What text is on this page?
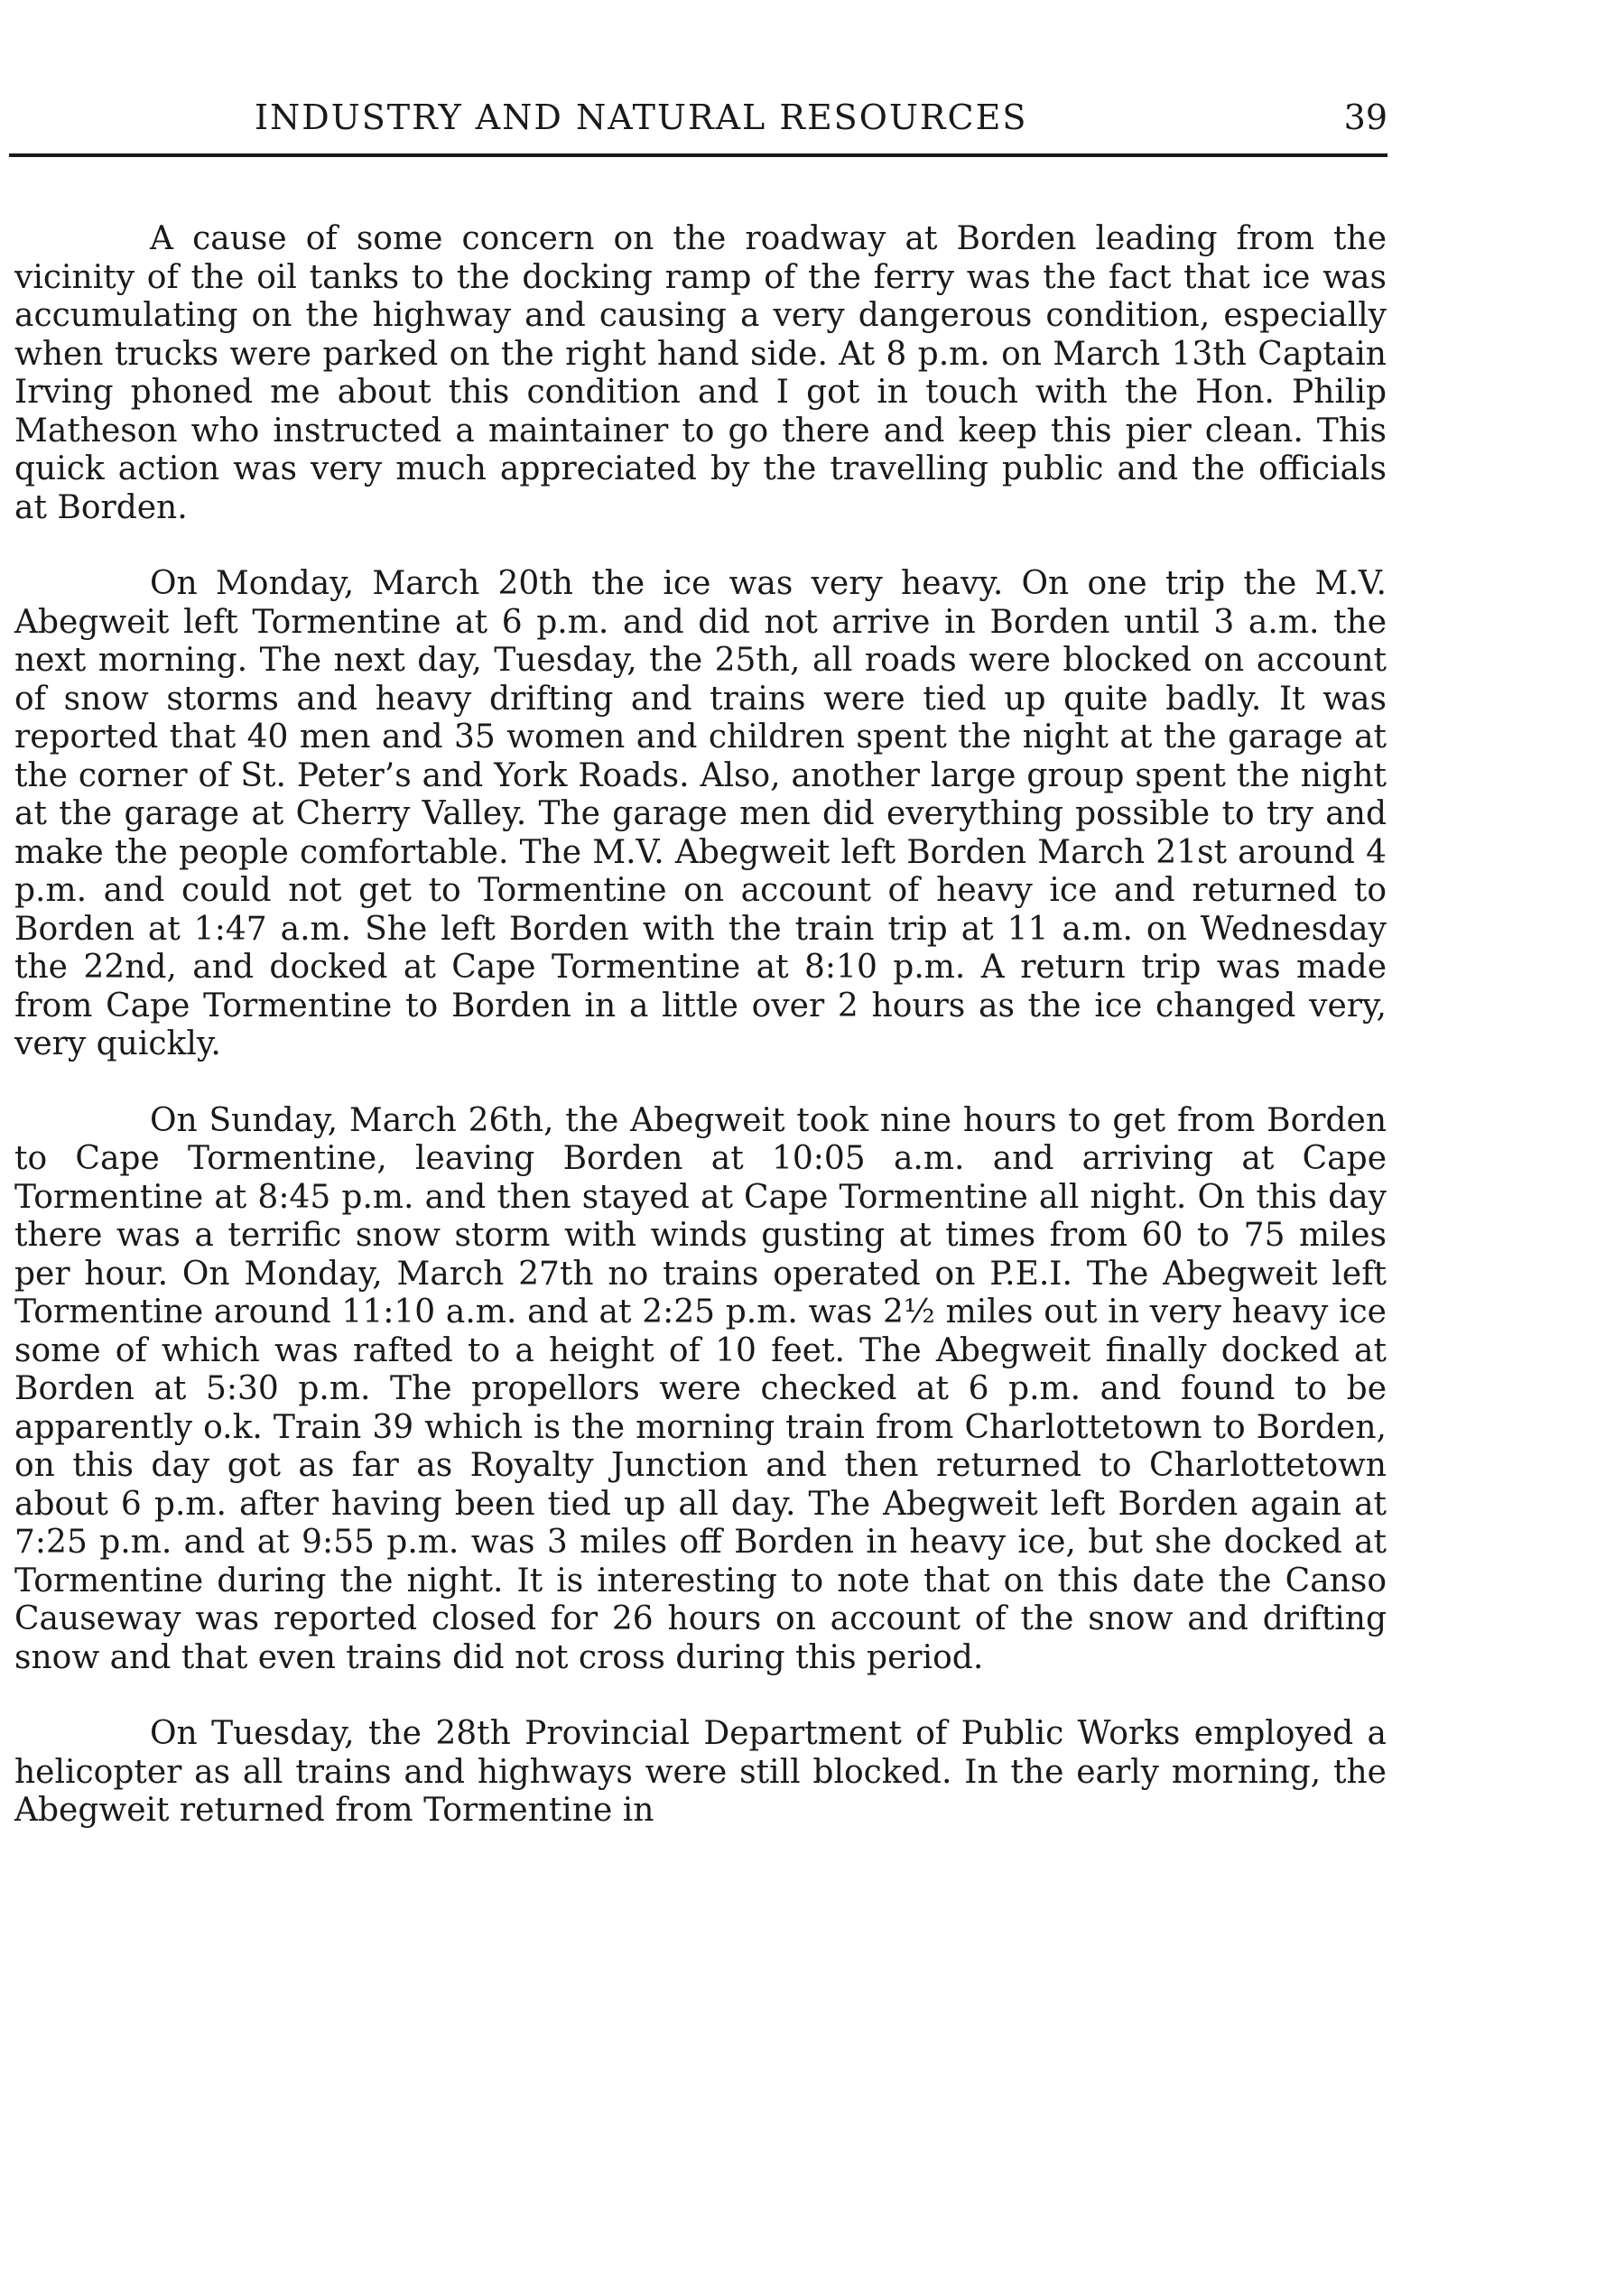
INDUSTRY AND NATURAL RESOURCES	39

A cause of some concern on the roadway at Borden leading from the vicinity of the oil tanks to the docking ramp of the ferry was the fact that ice was accumulating on the highway and causing a very dangerous condition, especially when trucks were parked on the right hand side. At 8 p.m. on March 13th Captain Irving phoned me about this condition and I got in touch with the Hon. Philip Matheson who instructed a maintainer to go there and keep this pier clean. This quick action was very much appreciated by the travelling public and the officials at Borden.

On Monday, March 20th the ice was very heavy. On one trip the M.V. Abegweit left Tormentine at 6 p.m. and did not arrive in Borden until 3 a.m. the next morning. The next day, Tuesday, the 25th, all roads were blocked on account of snow storms and heavy drifting and trains were tied up quite badly. It was reported that 40 men and 35 women and children spent the night at the garage at the corner of St. Peter’s and York Roads. Also, another large group spent the night at the garage at Cherry Valley. The garage men did everything possible to try and make the people comfortable. The M.V. Abegweit left Borden March 21st around 4 p.m. and could not get to Tormentine on account of heavy ice and returned to Borden at 1:47 a.m. She left Borden with the train trip at 11 a.m. on Wednesday the 22nd, and docked at Cape Tormentine at 8:10 p.m. A return trip was made from Cape Tormentine to Borden in a little over 2 hours as the ice changed very, very quickly.

On Sunday, March 26th, the Abegweit took nine hours to get from Borden to Cape Tormentine, leaving Borden at 10:05 a.m. and arriving at Cape Tormentine at 8:45 p.m. and then stayed at Cape Tormentine all night. On this day there was a terrific snow storm with winds gusting at times from 60 to 75 miles per hour. On Monday, March 27th no trains operated on P.E.I. The Abegweit left Tormentine around 11:10 a.m. and at 2:25 p.m. was 2½ miles out in very heavy ice some of which was rafted to a height of 10 feet. The Abegweit finally docked at Borden at 5:30 p.m. The propellors were checked at 6 p.m. and found to be apparently o.k. Train 39 which is the morning train from Charlottetown to Borden, on this day got as far as Royalty Junction and then returned to Charlottetown about 6 p.m. after having been tied up all day. The Abegweit left Borden again at 7:25 p.m. and at 9:55 p.m. was 3 miles off Borden in heavy ice, but she docked at Tormentine during the night. It is interesting to note that on this date the Canso Causeway was reported closed for 26 hours on account of the snow and drifting snow and that even trains did not cross during this period.

On Tuesday, the 28th Provincial Department of Public Works employed a helicopter as all trains and highways were still blocked. In the early morning, the Abegweit returned from Tormentine in
